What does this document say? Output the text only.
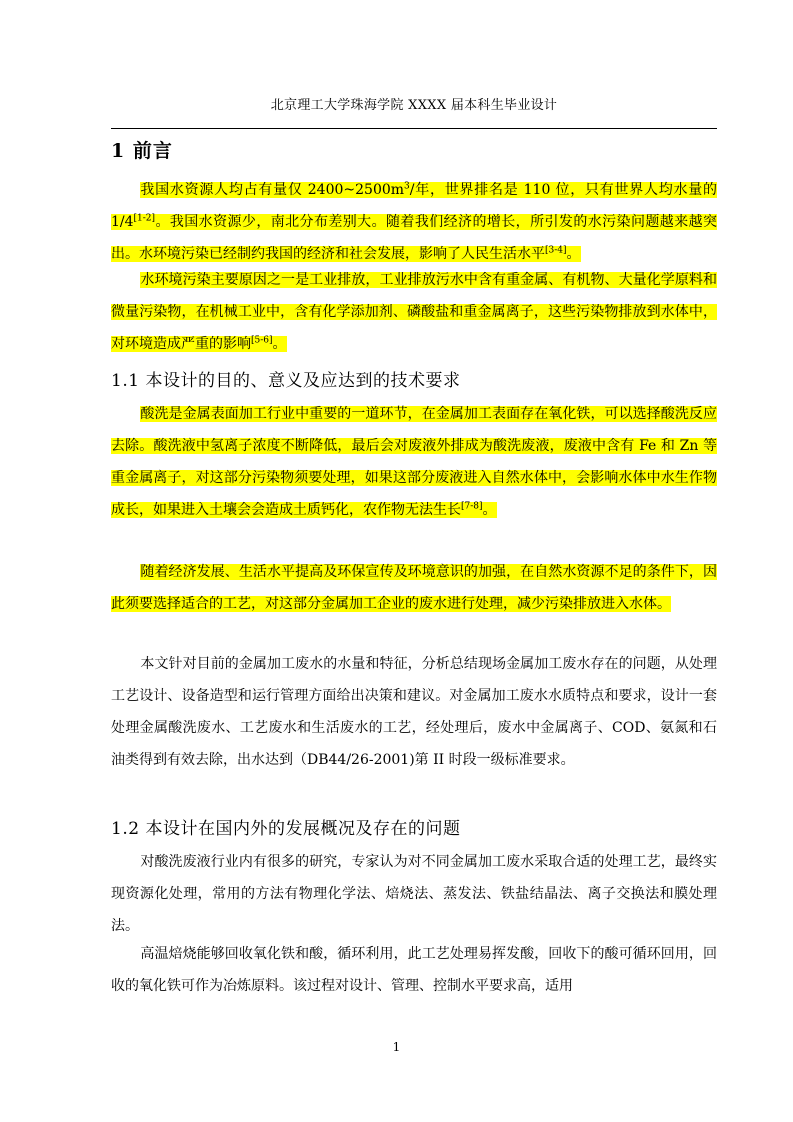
北京理工大学珠海学院 XXXX 届本科生毕业设计
1 前言

我国水资源人均占有量仅 $2400\sim 2500m^3/$年，世界排名是 110 位，只有世界人均水量的 1/4[1-2]。我国水资源少，南北分布差别大。随着我们经济的增长，所引发的水污染问题越来越突出。水环境污染已经制约我国的经济和社会发展，影响了人民生活水平[3-4]。

水环境污染主要原因之一是工业排放，工业排放污水中含有重金属、有机物、大量化学原料和微量污染物，在机械工业中，含有化学添加剂、磷酸盐和重金属离子，这些污染物排放到水体中，对环境造成严重的影响[5-6]。

1.1 本设计的目的、意义及应达到的技术要求

酸洗是金属表面加工行业中重要的一道环节，在金属加工表面存在氧化铁，可以选择酸洗反应去除。酸洗液中氢离子浓度不断降低，最后会对废液外排成为酸洗废液，废液中含有 Fe 和 Zn 等重金属离子，对这部分污染物须要处理，如果这部分废液进入自然水体中，会影响水体中水生作物成长，如果进入土壤会会造成土质钙化，农作物无法生长[7-8]。

随着经济发展、生活水平提高及环保宣传及环境意识的加强，在自然水资源不足的条件下，因此须要选择适合的工艺，对这部分金属加工企业的废水进行处理，减少污染排放进入水体。

本文针对目前的金属加工废水的水量和特征，分析总结现场金属加工废水存在的问题，从处理工艺设计、设备造型和运行管理方面给出决策和建议。对金属加工废水水质特点和要求，设计一套处理金属酸洗废水、工艺废水和生活废水的工艺，经处理后，废水中金属离子、COD、氨氮和石油类得到有效去除，出水达到（DB44/26-2001)第 II 时段一级标准要求。

1.2 本设计在国内外的发展概况及存在的问题

对酸洗废液行业内有很多的研究，专家认为对不同金属加工废水采取合适的处理工艺，最终实现资源化处理，常用的方法有物理化学法、焙烧法、蒸发法、铁盐结晶法、离子交换法和膜处理法。

高温焙烧能够回收氧化铁和酸，循环利用，此工艺处理易挥发酸，回收下的酸可循环回用，回收的氧化铁可作为冶炼原料。该过程对设计、管理、控制水平要求高，适用

1
